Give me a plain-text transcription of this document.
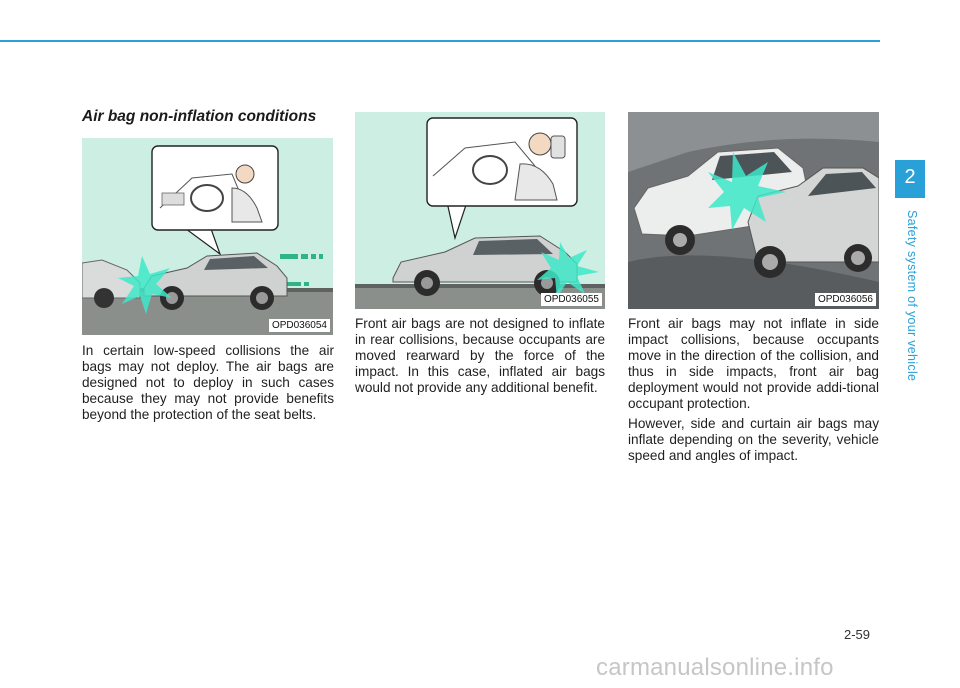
Air bag non-inflation conditions
OPD036054
OPD036055	OPD036056

In certain low-speed collisions the air bags may not deploy. The air bags are designed not to deploy in such cases because they may not provide benefits beyond the protection of the seat belts.

Front air bags are not designed to inflate in rear collisions, because occupants are moved rearward by the force of the impact. In this case, inflated air bags would not provide any additional benefit.

Front air bags may not inflate in side impact collisions, because occupants move in the direction of the collision, and thus in side impacts, front air bag deployment would not provide addi-tional occupant protection.

However, side and curtain air bags may inflate depending on the severity, vehicle speed and angles of impact.

2
Safety system of your vehicle
2-59
carmanualsonline.info
